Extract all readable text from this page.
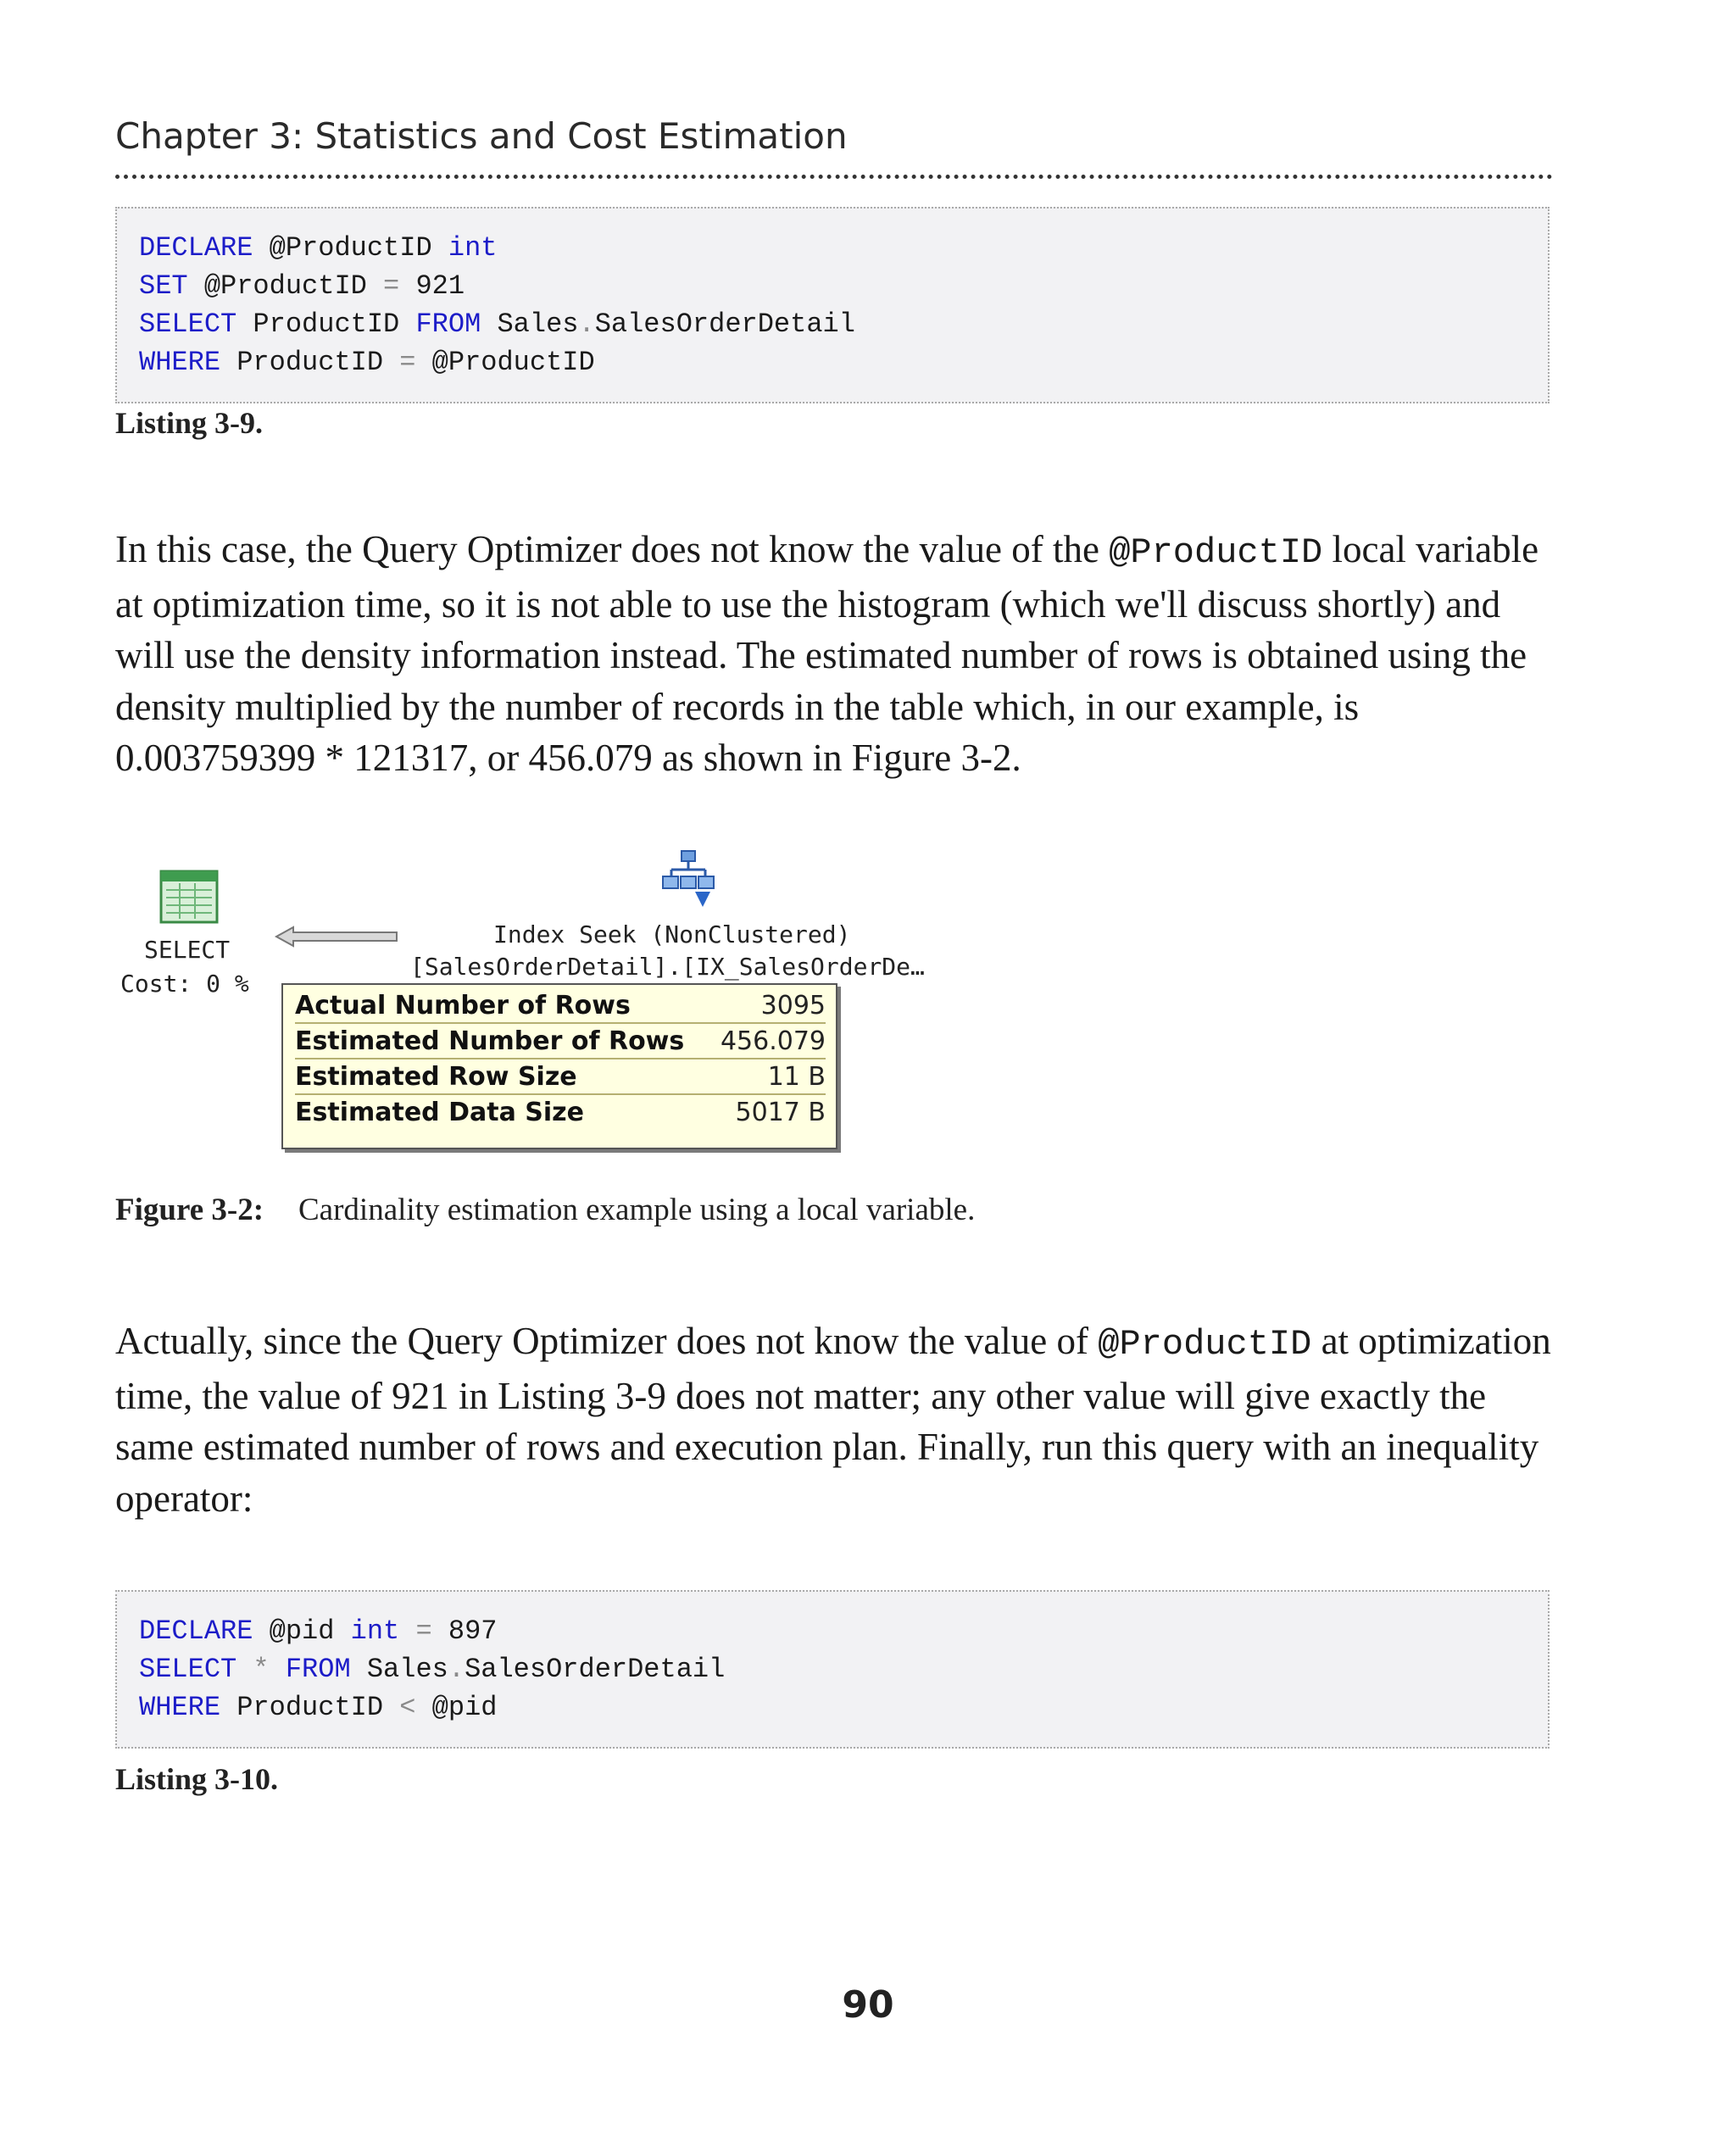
Chapter 3: Statistics and Cost Estimation
DECLARE @ProductID int
SET @ProductID = 921
SELECT ProductID FROM Sales.SalesOrderDetail
WHERE ProductID = @ProductID
Listing 3-9.

In this case, the Query Optimizer does not know the value of the @ProductID local variable at optimization time, so it is not able to use the histogram (which we'll discuss shortly) and will use the density information instead. The estimated number of rows is obtained using the density multiplied by the number of records in the table which, in our example, is 0.003759399 * 121317, or 456.079 as shown in Figure 3-2.

SELECT
Cost: 0 %
Index Seek (NonClustered)
[SalesOrderDetail].[IX_SalesOrderDe…
Actual Number of Rows	3095
Estimated Number of Rows 456.079
Estimated Row Size	11 B
Estimated Data Size	5017 B
Figure 3-2: Cardinality estimation example using a local variable.

Actually, since the Query Optimizer does not know the value of @ProductID at optimization time, the value of 921 in Listing 3-9 does not matter; any other value will give exactly the same estimated number of rows and execution plan. Finally, run this query with an inequality operator:

DECLARE @pid int = 897
SELECT * FROM Sales.SalesOrderDetail
WHERE ProductID < @pid
Listing 3-10.
90
